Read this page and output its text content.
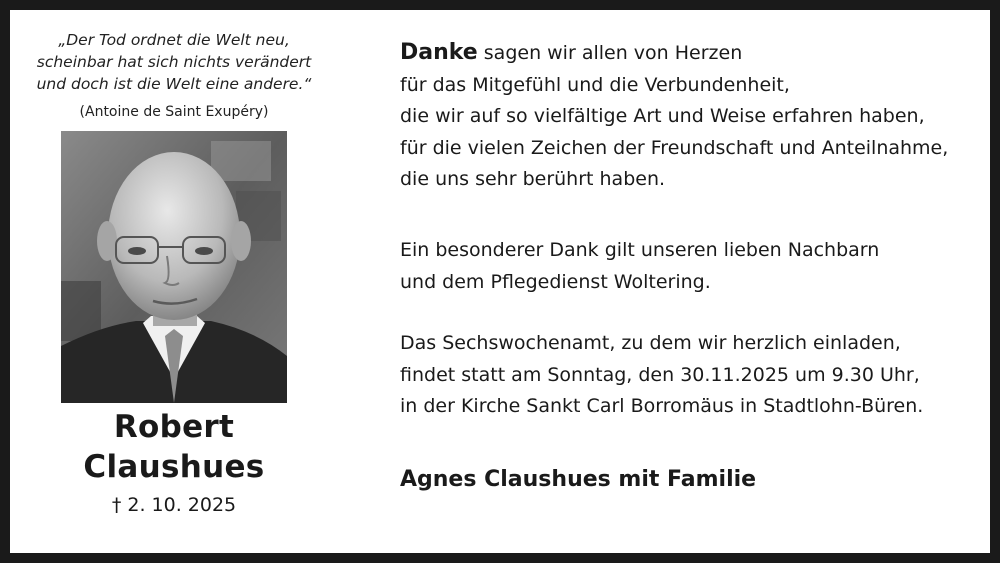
„Der Tod ordnet die Welt neu,
scheinbar hat sich nichts verändert
und doch ist die Welt eine andere.“
(Antoine de Saint Exupéry)
Robert
Claushues
† 2. 10. 2025
Danke sagen wir allen von Herzen
für das Mitgefühl und die Verbundenheit,
die wir auf so vielfältige Art und Weise erfahren haben,
für die vielen Zeichen der Freundschaft und Anteilnahme,
die uns sehr berührt haben.
Ein besonderer Dank gilt unseren lieben Nachbarn
und dem Pflegedienst Woltering.
Das Sechswochenamt, zu dem wir herzlich einladen,
findet statt am Sonntag, den 30.11.2025 um 9.30 Uhr,
in der Kirche Sankt Carl Borromäus in Stadtlohn-Büren.
Agnes Claushues mit Familie
